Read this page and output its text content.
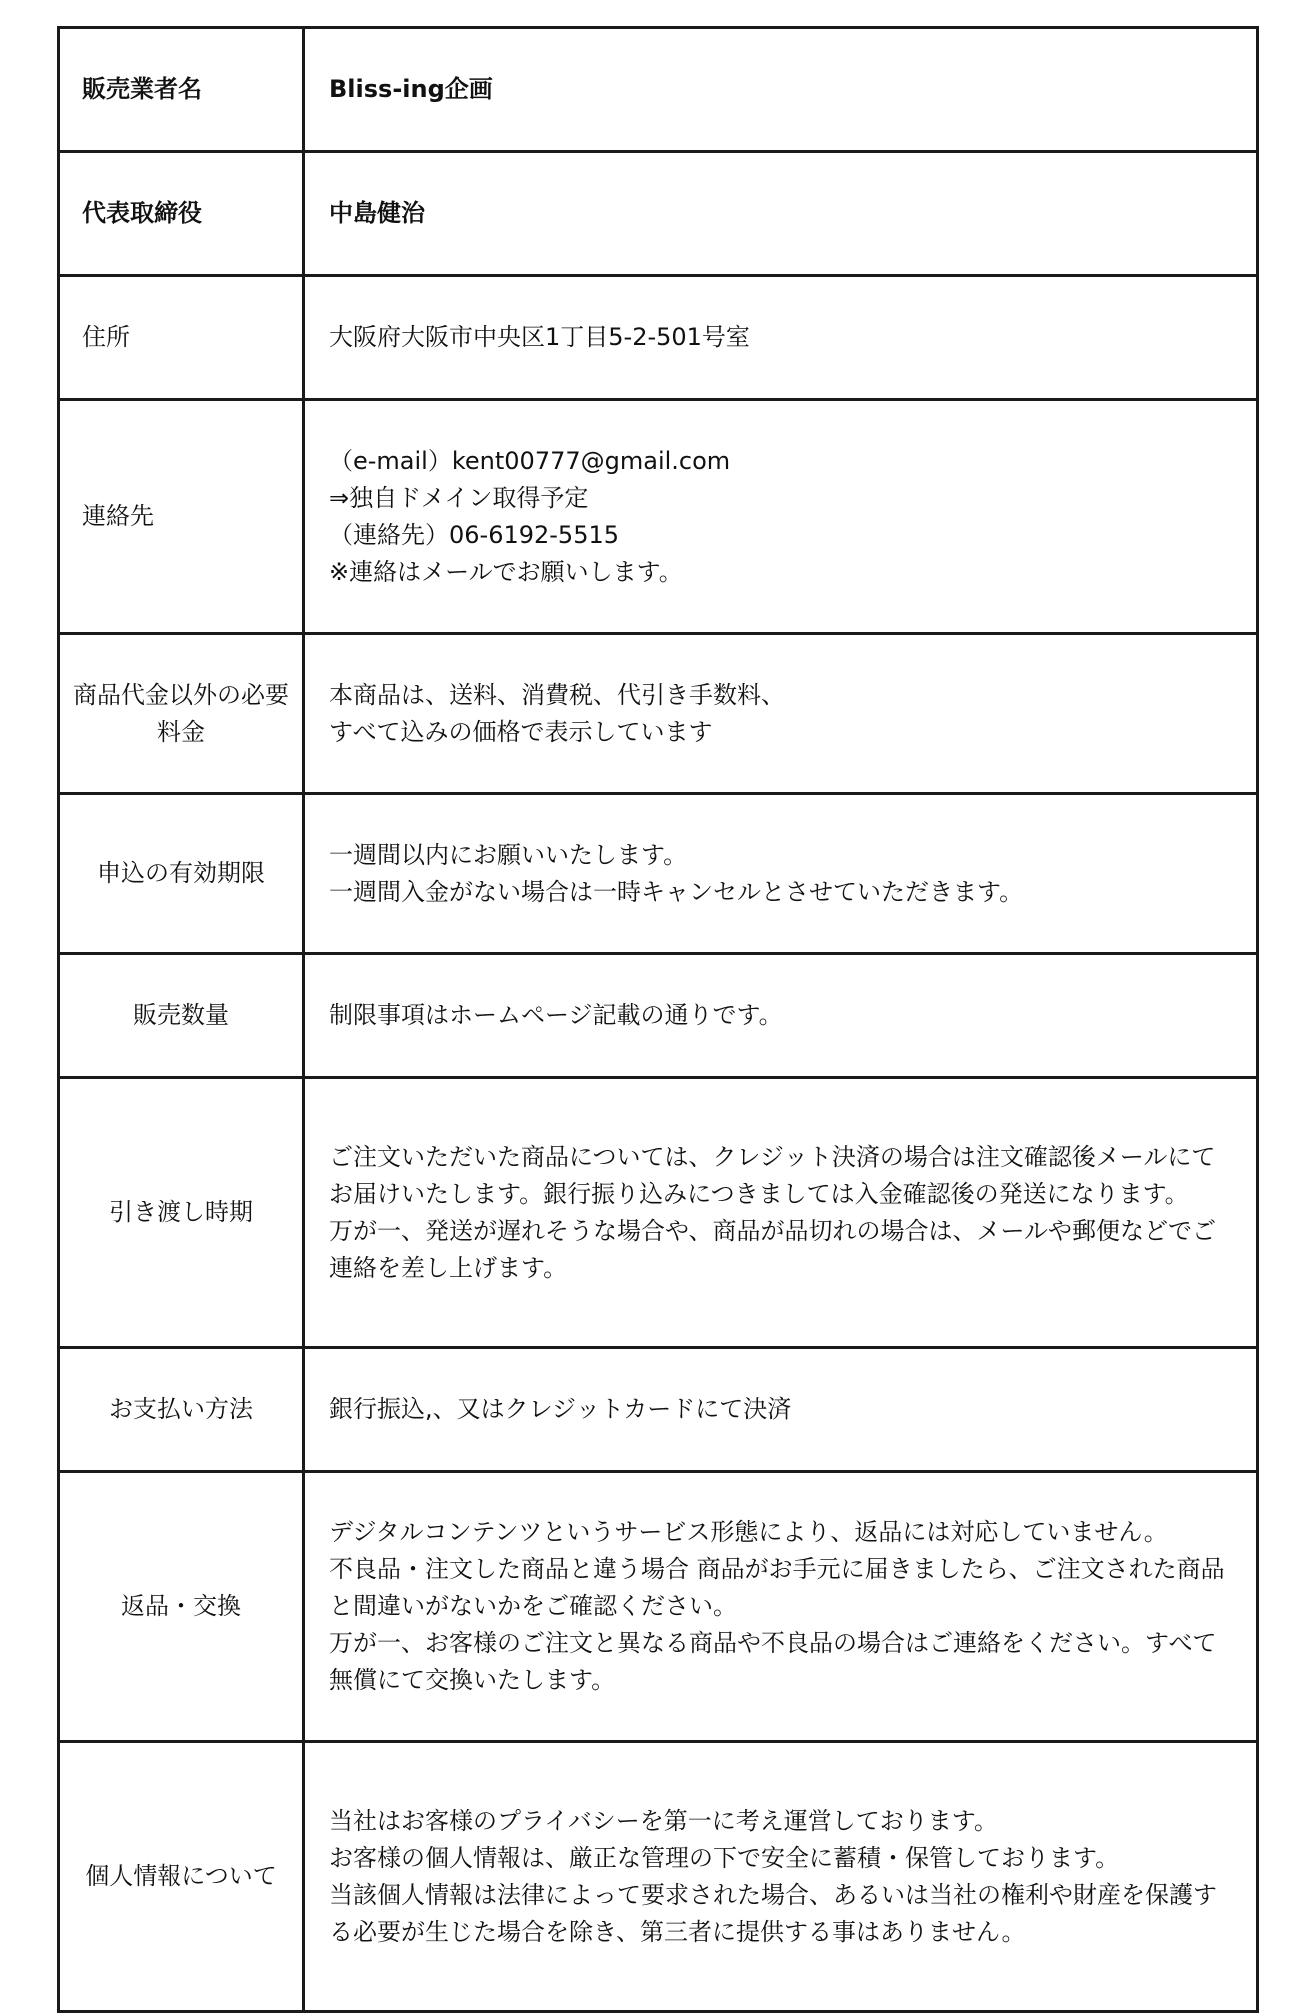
販売業者名	Bliss-ing企画

代表取締役	中島健治

住所	大阪府大阪市中央区1丁目5-2-501号室

連絡先	（e-mail）kent00777@gmail.com
⇒独自ドメイン取得予定
（連絡先）06-6192-5515
※連絡はメールでお願いします。

商品代金以外の必要料金	本商品は、送料、消費税、代引き手数料、
すべて込みの価格で表示しています

申込の有効期限	一週間以内にお願いいたします。
一週間入金がない場合は一時キャンセルとさせていただきます。

販売数量	制限事項はホームページ記載の通りです。

引き渡し時期	ご注文いただいた商品については、クレジット決済の場合は注文確認後メールにてお届けいたします。銀行振り込みにつきましては入金確認後の発送になります。
万が一、発送が遅れそうな場合や、商品が品切れの場合は、メールや郵便などでご連絡を差し上げます。

お支払い方法	銀行振込,、又はクレジットカードにて決済

返品・交換	デジタルコンテンツというサービス形態により、返品には対応していません。
不良品・注文した商品と違う場合 商品がお手元に届きましたら、ご注文された商品と間違いがないかをご確認ください。
万が一、お客様のご注文と異なる商品や不良品の場合はご連絡をください。すべて無償にて交換いたします。

個人情報について	当社はお客様のプライバシーを第一に考え運営しております。
お客様の個人情報は、厳正な管理の下で安全に蓄積・保管しております。
当該個人情報は法律によって要求された場合、あるいは当社の権利や財産を保護する必要が生じた場合を除き、第三者に提供する事はありません。
